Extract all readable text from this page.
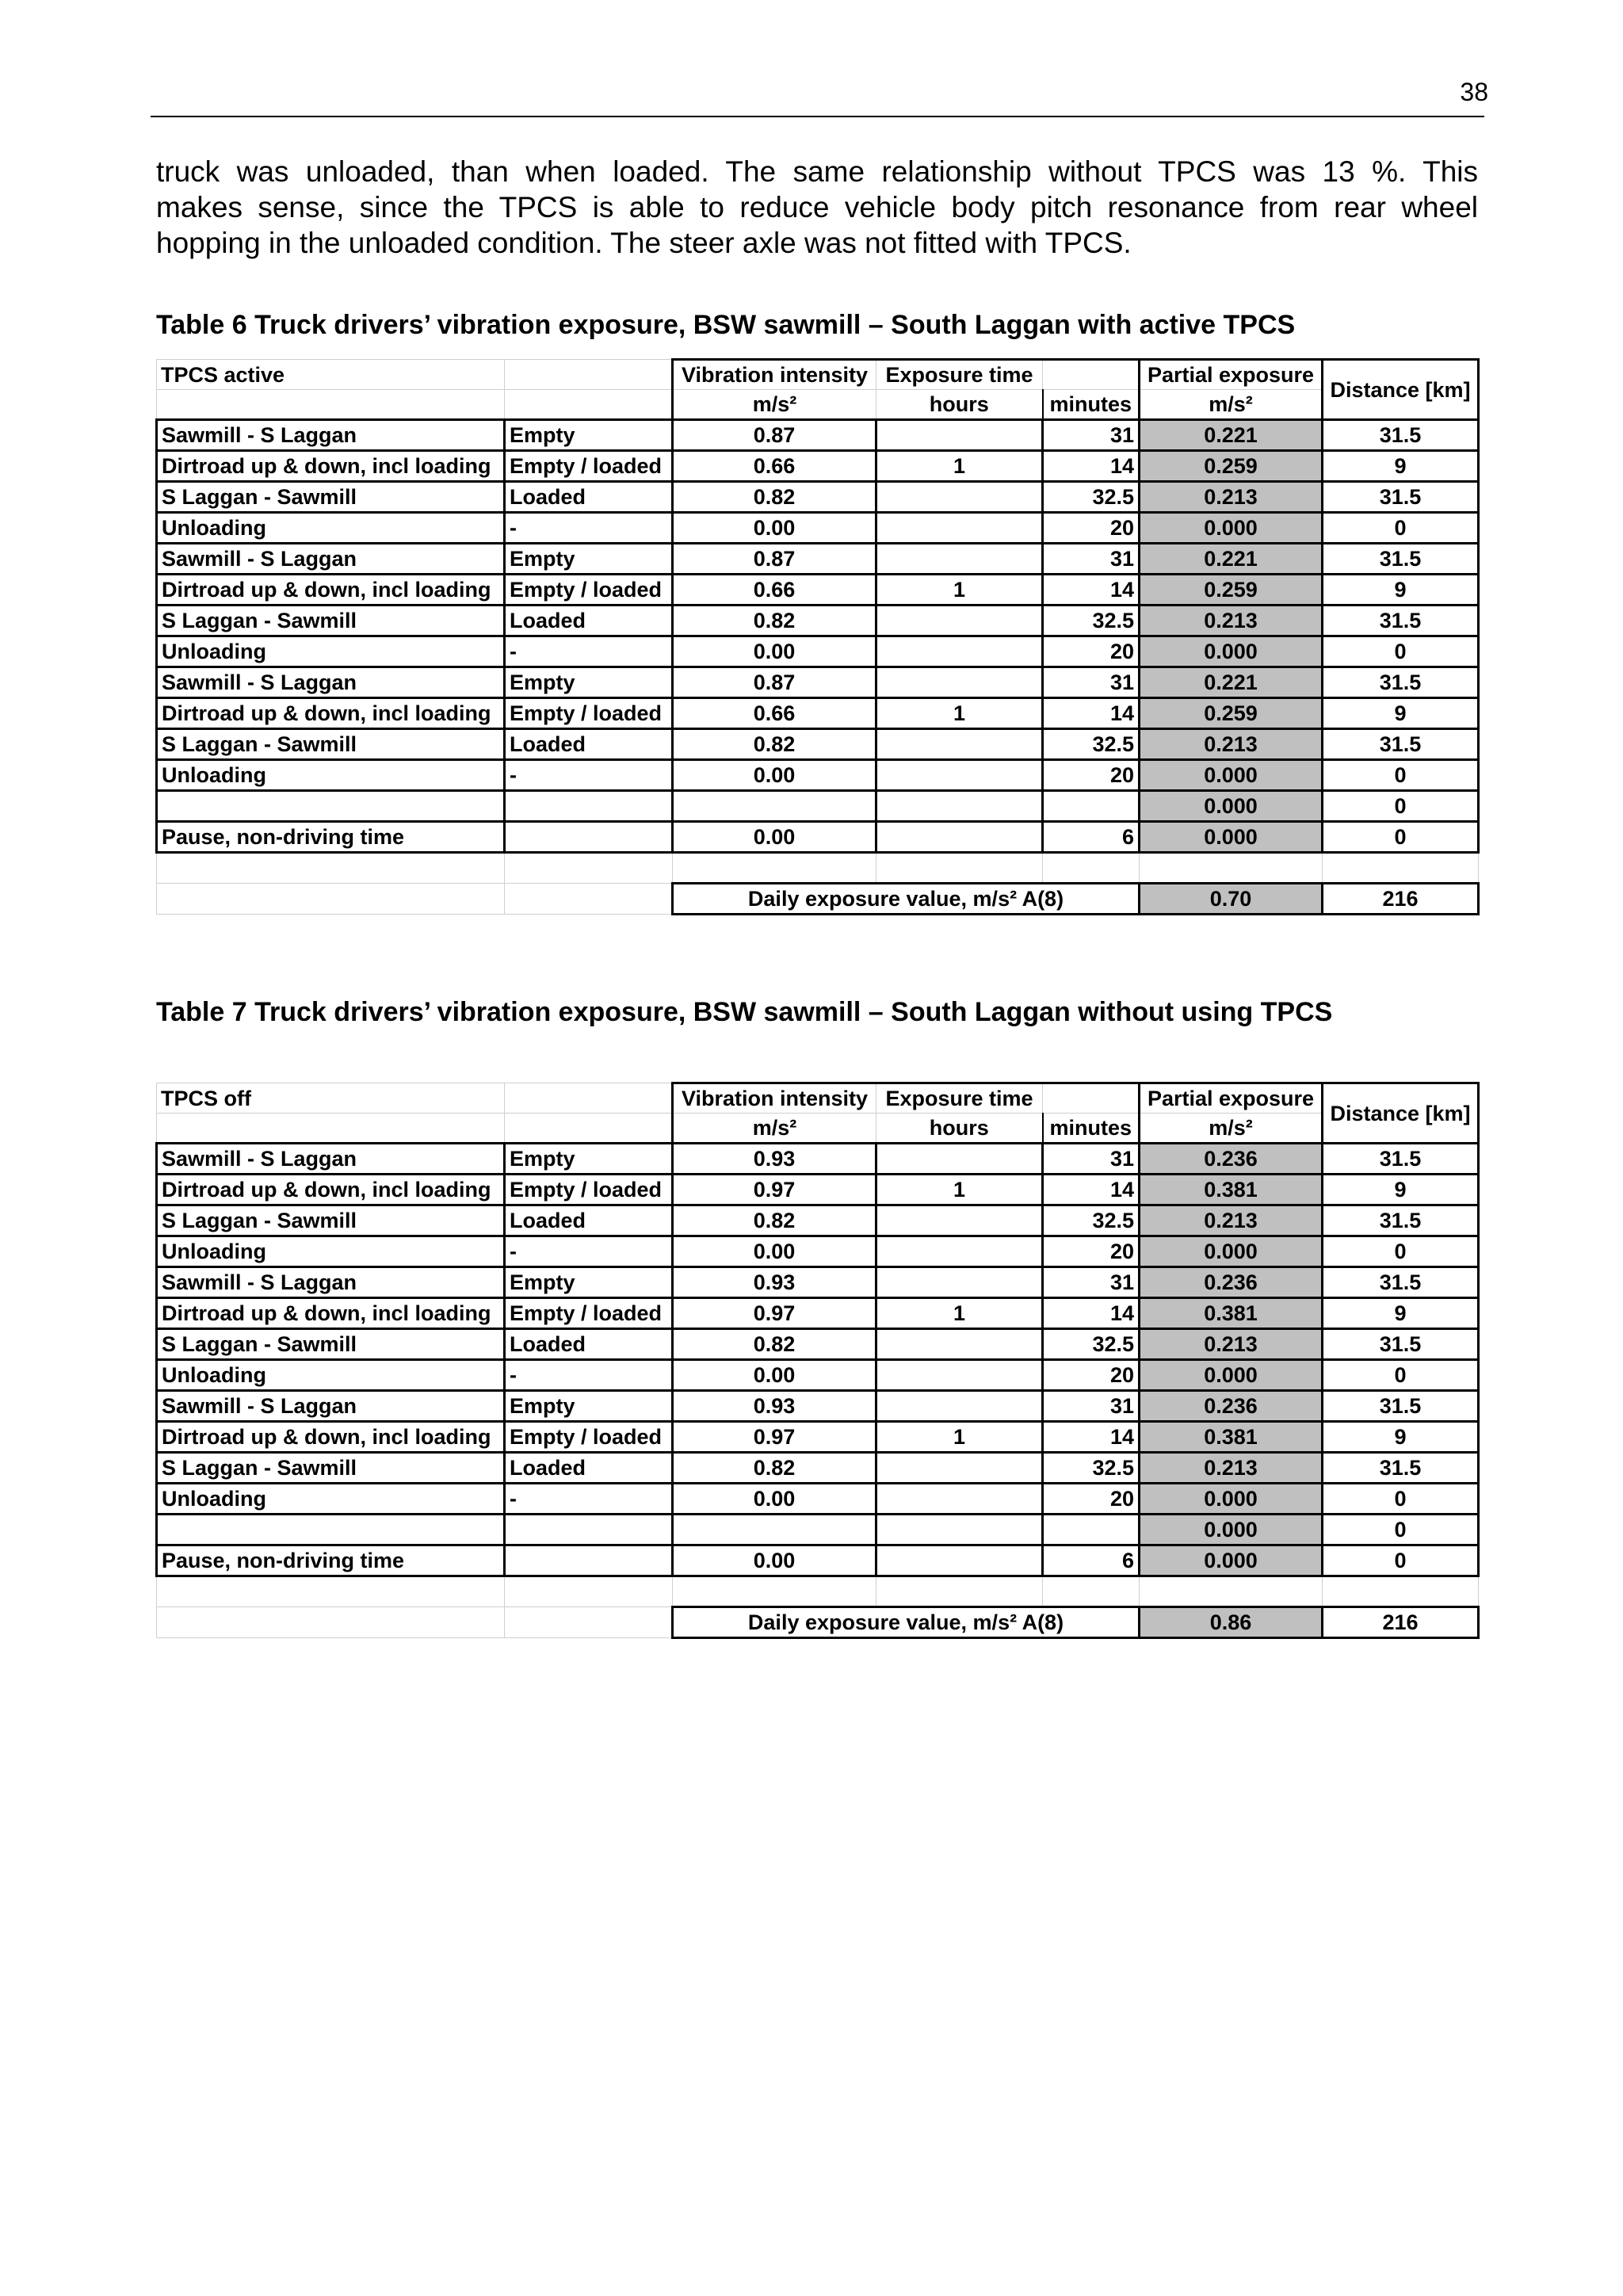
38
truck was unloaded, than when loaded. The same relationship without TPCS was 13 %. This
makes sense, since the TPCS is able to reduce vehicle body pitch resonance from rear wheel
hopping in the unloaded condition. The steer axle was not fitted with TPCS.
Table 6 Truck drivers’ vibration exposure, BSW sawmill – South Laggan with active TPCS
TPCS active		Vibration intensity	Exposure time		Partial exposure	Distance [km]
		m/s²	hours	minutes	m/s²	
Sawmill - S Laggan	Empty	0.87		31	0.221	31.5
Dirtroad up & down, incl loading	Empty / loaded	0.66	1	14	0.259	9
S Laggan - Sawmill	Loaded	0.82		32.5	0.213	31.5
Unloading	-	0.00		20	0.000	0
Sawmill - S Laggan	Empty	0.87		31	0.221	31.5
Dirtroad up & down, incl loading	Empty / loaded	0.66	1	14	0.259	9
S Laggan - Sawmill	Loaded	0.82		32.5	0.213	31.5
Unloading	-	0.00		20	0.000	0
Sawmill - S Laggan	Empty	0.87		31	0.221	31.5
Dirtroad up & down, incl loading	Empty / loaded	0.66	1	14	0.259	9
S Laggan - Sawmill	Loaded	0.82		32.5	0.213	31.5
Unloading	-	0.00		20	0.000	0
					0.000	0
Pause, non-driving time		0.00		6	0.000	0

		Daily exposure value, m/s² A(8)			0.70	216
Table 7 Truck drivers’ vibration exposure, BSW sawmill – South Laggan without using TPCS
TPCS off		Vibration intensity	Exposure time		Partial exposure	Distance [km]
		m/s²	hours	minutes	m/s²	
Sawmill - S Laggan	Empty	0.93		31	0.236	31.5
Dirtroad up & down, incl loading	Empty / loaded	0.97	1	14	0.381	9
S Laggan - Sawmill	Loaded	0.82		32.5	0.213	31.5
Unloading	-	0.00		20	0.000	0
Sawmill - S Laggan	Empty	0.93		31	0.236	31.5
Dirtroad up & down, incl loading	Empty / loaded	0.97	1	14	0.381	9
S Laggan - Sawmill	Loaded	0.82		32.5	0.213	31.5
Unloading	-	0.00		20	0.000	0
Sawmill - S Laggan	Empty	0.93		31	0.236	31.5
Dirtroad up & down, incl loading	Empty / loaded	0.97	1	14	0.381	9
S Laggan - Sawmill	Loaded	0.82		32.5	0.213	31.5
Unloading	-	0.00		20	0.000	0
					0.000	0
Pause, non-driving time		0.00		6	0.000	0

		Daily exposure value, m/s² A(8)			0.86	216
